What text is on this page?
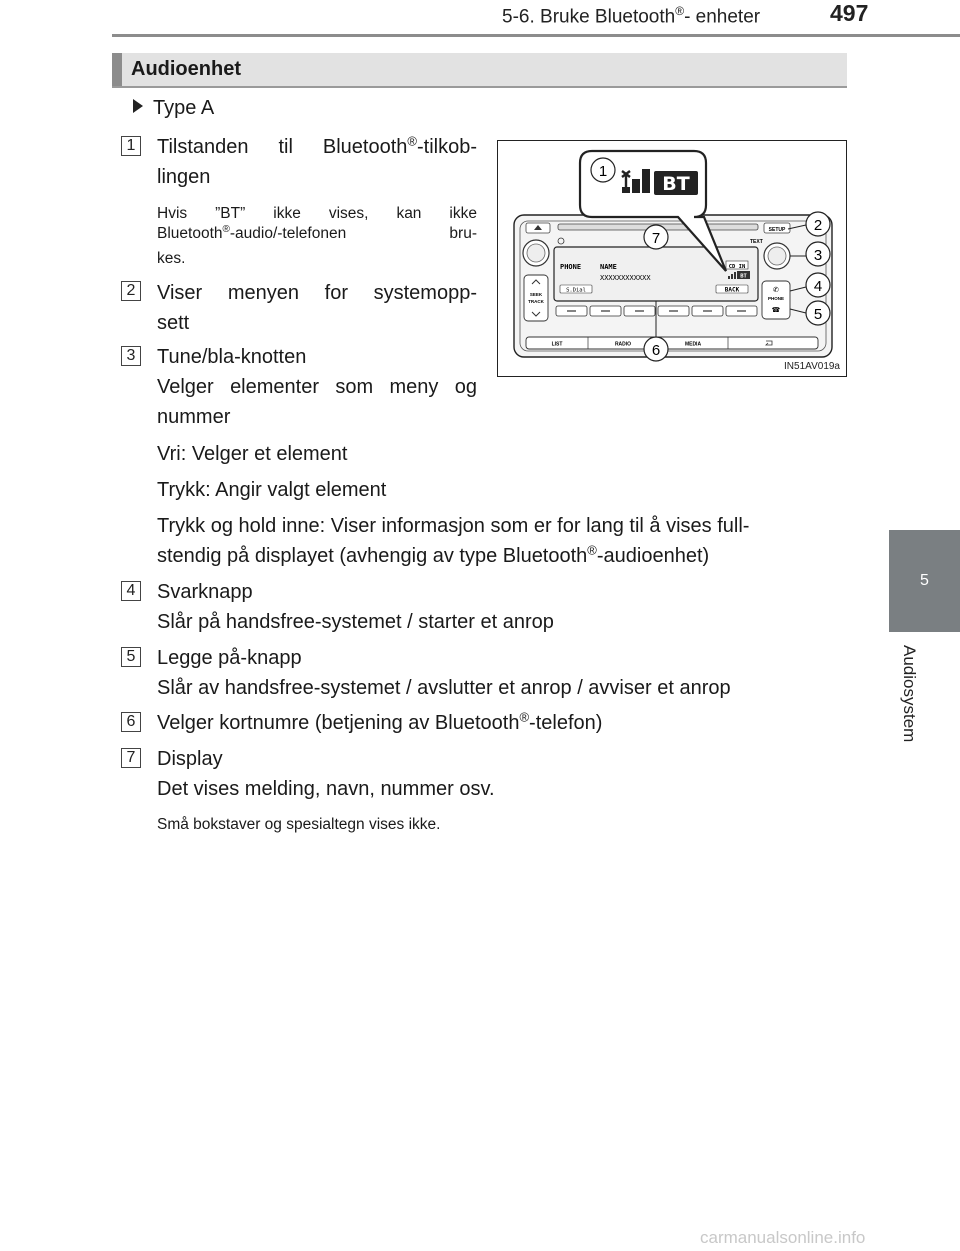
5-6. Bruke Bluetooth®- enheter	497
5
Audiosystem
Audioenhet
Type A
1 Tilstanden til Bluetooth®-tilkob-
lingen
Hvis ”BT” ikke vises, kan ikke
Bluetooth®-audio/-telefonen bru-
kes.
2 Viser menyen for systemopp-
sett
3 Tune/bla-knotten
Velger elementer som meny og
nummer
Vri: Velger et element
Trykk: Angir valgt element
Trykk og hold inne: Viser informasjon som er for lang til å vises full-
stendig på displayet (avhengig av type Bluetooth®-audioenhet)
4 Svarknapp
Slår på handsfree-systemet / starter et anrop
5 Legge på-knapp
Slår av handsfree-systemet / avslutter et anrop / avviser et anrop
6 Velger kortnumre (betjening av Bluetooth®-telefon)
7 Display
Det vises melding, navn, nummer osv.
Små bokstaver og spesialtegn vises ikke.
SETUP
TEXT
PHONE	NAME
XXXXXXXXXXXX
CD IN
BT
S.Dial	BACK
SEEK
TRACK
✆
PHONE
☎
LIST	RADIO	MEDIA
BT
1
2
3
4
5
6
7
IN51AV019a
carmanualsonline.info
